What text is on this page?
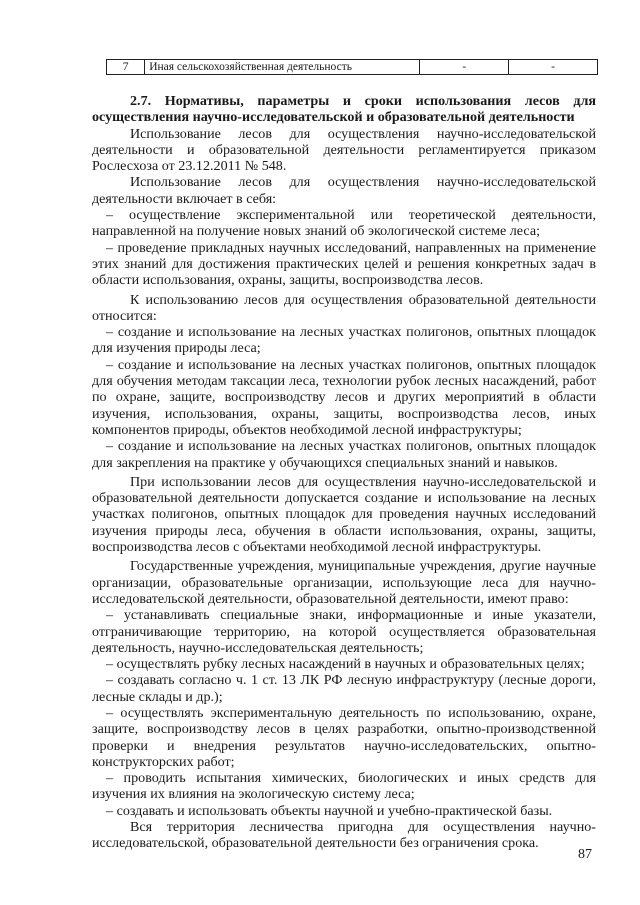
7	Иная сельскохозяйственная деятельность	-	-

2.7. Нормативы, параметры и сроки использования лесов для осуществления научно-исследовательской и образовательной деятельности

Использование лесов для осуществления научно-исследовательской деятельности и образовательной деятельности регламентируется приказом Рослесхоза от 23.12.2011 № 548.

Использование лесов для осуществления научно-исследовательской деятельности включает в себя:

– осуществление экспериментальной или теоретической деятельности, направленной на получение новых знаний об экологической системе леса;

– проведение прикладных научных исследований, направленных на применение этих знаний для достижения практических целей и решения конкретных задач в области использования, охраны, защиты, воспроизводства лесов.

К использованию лесов для осуществления образовательной деятельности относится:

– создание и использование на лесных участках полигонов, опытных площадок для изучения природы леса;

– создание и использование на лесных участках полигонов, опытных площадок для обучения методам таксации леса, технологии рубок лесных насаждений, работ по охране, защите, воспроизводству лесов и других мероприятий в области изучения, использования, охраны, защиты, воспроизводства лесов, иных компонентов природы, объектов необходимой лесной инфраструктуры;

– создание и использование на лесных участках полигонов, опытных площадок для закрепления на практике у обучающихся специальных знаний и навыков.

При использовании лесов для осуществления научно-исследовательской и образовательной деятельности допускается создание и использование на лесных участках полигонов, опытных площадок для проведения научных исследований изучения природы леса, обучения в области использования, охраны, защиты, воспроизводства лесов с объектами необходимой лесной инфраструктуры.

Государственные учреждения, муниципальные учреждения, другие научные организации, образовательные организации, использующие леса для научно-исследовательской деятельности, образовательной деятельности, имеют право:

– устанавливать специальные знаки, информационные и иные указатели, отграничивающие территорию, на которой осуществляется образовательная деятельность, научно-исследовательская деятельность;

– осуществлять рубку лесных насаждений в научных и образовательных целях;

– создавать согласно ч. 1 ст. 13 ЛК РФ лесную инфраструктуру (лесные дороги, лесные склады и др.);

– осуществлять экспериментальную деятельность по использованию, охране, защите, воспроизводству лесов в целях разработки, опытно-производственной проверки и внедрения результатов научно-исследовательских, опытно-конструкторских работ;

– проводить испытания химических, биологических и иных средств для изучения их влияния на экологическую систему леса;

– создавать и использовать объекты научной и учебно-практической базы.

Вся территория лесничества пригодна для осуществления научно-исследовательской, образовательной деятельности без ограничения срока.

87
